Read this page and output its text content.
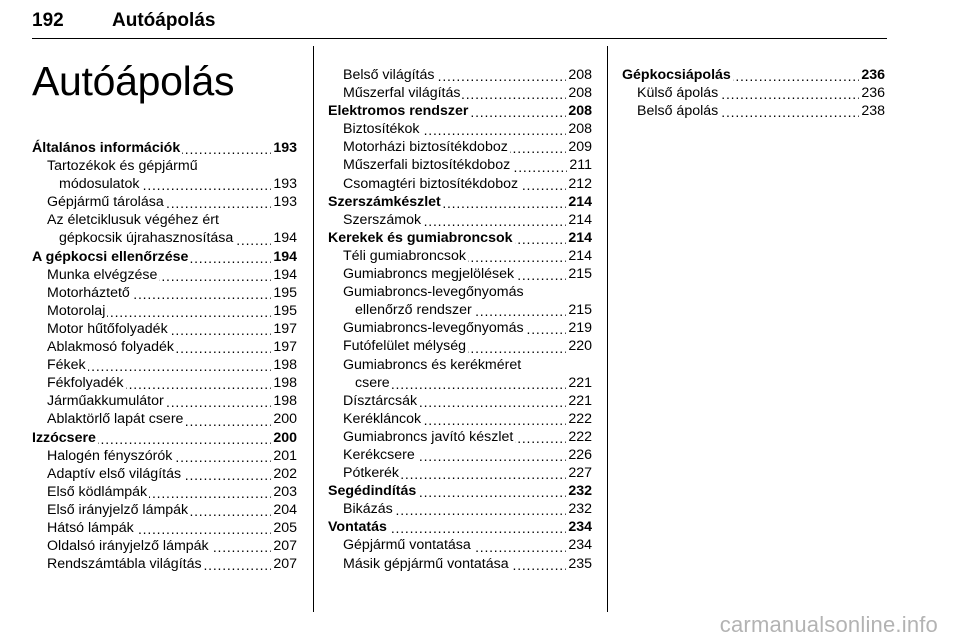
192	Autóápolás
Autóápolás
Általános információk . . .	193
Tartozékok és gépjármű
módosulatok . . .	193
Gépjármű tárolása . . .	193
Az életciklusuk végéhez ért
gépkocsik újrahasznosítása . . .	194
A gépkocsi ellenőrzése . . .	194
Munka elvégzése . . .	194
Motorháztető . . .	195
Motorolaj . . .	195
Motor hűtőfolyadék . . .	197
Ablakmosó folyadék . . .	197
Fékek . . .	198
Fékfolyadék . . .	198
Járműakkumulátor . . .	198
Ablaktörlő lapát csere . . .	200
Izzócsere . . .	200
Halogén fényszórók . . .	201
Adaptív első világítás . . .	202
Első ködlámpák . . .	203
Első irányjelző lámpák . . .	204
Hátsó lámpák . . .	205
Oldalsó irányjelző lámpák . . .	207
Rendszámtábla világítás . . .	207
Belső világítás . . .	208
Műszerfal világítás . . .	208
Elektromos rendszer . . .	208
Biztosítékok . . .	208
Motorházi biztosítékdoboz . . .	209
Műszerfali biztosítékdoboz . . .	211
Csomagtéri biztosítékdoboz . . .	212
Szerszámkészlet . . .	214
Szerszámok . . .	214
Kerekek és gumiabroncsok . . .	214
Téli gumiabroncsok . . .	214
Gumiabroncs megjelölések . . .	215
Gumiabroncs-levegőnyomás
ellenőrző rendszer . . .	215
Gumiabroncs-levegőnyomás . . .	219
Futófelület mélység . . .	220
Gumiabroncs és kerékméret
csere . . .	221
Dísztárcsák . . .	221
Kerékláncok . . .	222
Gumiabroncs javító készlet . . .	222
Kerékcsere . . .	226
Pótkerék . . .	227
Segédindítás . . .	232
Bikázás . . .	232
Vontatás . . .	234
Gépjármű vontatása . . .	234
Másik gépjármű vontatása . . .	235
Gépkocsiápolás . . .	236
Külső ápolás . . .	236
Belső ápolás . . .	238
carmanualsonline.info
